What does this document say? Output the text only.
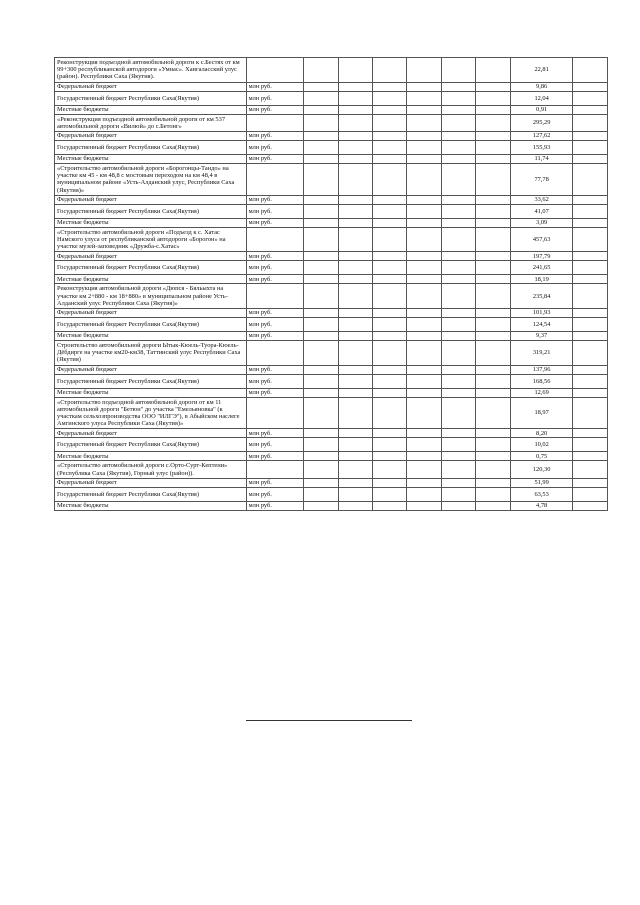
Реконструкция подъездной автомобильной дороги к с.Бестях от км 99+300 республиканской автодороги «Умнас». Хангаласский улус (район). Республики Саха (Якутия).								22,81	
Федеральный бюджет	млн руб.							9,86	
Государственный бюджет Республики Саха(Якутия)	млн руб.							12,04	
Местные бюджеты	млн руб.							0,91	
«Реконструкция подъездной автомобильной дороги от км 537 автомобильной дороги «Вилюй» до с.Бетонг»								295,29	
Федеральный бюджет	млн руб.							127,62	
Государственный бюджет Республики Саха(Якутия)	млн руб.							155,93	
Местные бюджеты	млн руб.							11,74	
«Строительство автомобильной дороги «Борогонцы-Тандо» на участке км 45 - км 48,8 с мостовым переходом на км 48,4 в муниципальном районе «Усть-Алданский улус, Республики Саха (Якутия)»								77,78	
Федеральный бюджет	млн руб.							33,62	
Государственный бюджет Республики Саха(Якутия)	млн руб.							41,07	
Местные бюджеты	млн руб.							3,09	
«Строительство автомобильной дороги «Подъезд к с. Хатас Намского улуса от республиканской автодороги «Борогон» на участке музей-заповедник «Дружба-с.Хатас»								457,63	
Федеральный бюджет	млн руб.							197,79	
Государственный бюджет Республики Саха(Якутия)	млн руб.							241,65	
Местные бюджеты	млн руб.							18,19	
Реконструкция автомобильной дороги «Дюпся - Бяльыхта на участке км 2+880 - км 18+880» в муниципальном районе Усть-Алданский улус Республики Саха (Якутия)»								235,84	
Федеральный бюджет	млн руб.							101,93	
Государственный бюджет Республики Саха(Якутия)	млн руб.							124,54	
Местные бюджеты	млн руб.							9,37	
Строительство автомобильной дороги Ытык-Кюель-Туора-Кюель-Дёбдирге на участке км20-км38, Таттинский улус Республики Саха (Якутия)								319,21	
Федеральный бюджет	млн руб.							137,96	
Государственный бюджет Республики Саха(Якутия)	млн руб.							168,56	
Местные бюджеты	млн руб.							12,69	
«Строительство подъездной автомобильной дороги от км 11 автомобильной дороги "Бетюн" до участка "Емельяновка" (к участкам сельхозпроизводства ООО "ИЛГЭ"), в Абыйском наслеге Амгинского улуса Республики Саха (Якутия)»								18,97	
Федеральный бюджет	млн руб.							8,20	
Государственный бюджет Республики Саха(Якутия)	млн руб.							10,02	
Местные бюджеты	млн руб.							0,75	
«Строительство автомобильной дороги с.Орто-Сурт-Кептени» (Республика Саха (Якутия), Горный улус (район)).								120,30	
Федеральный бюджет	млн руб.							51,99	
Государственный бюджет Республики Саха(Якутия)	млн руб.							63,53	
Местные бюджеты	млн руб.							4,78	
